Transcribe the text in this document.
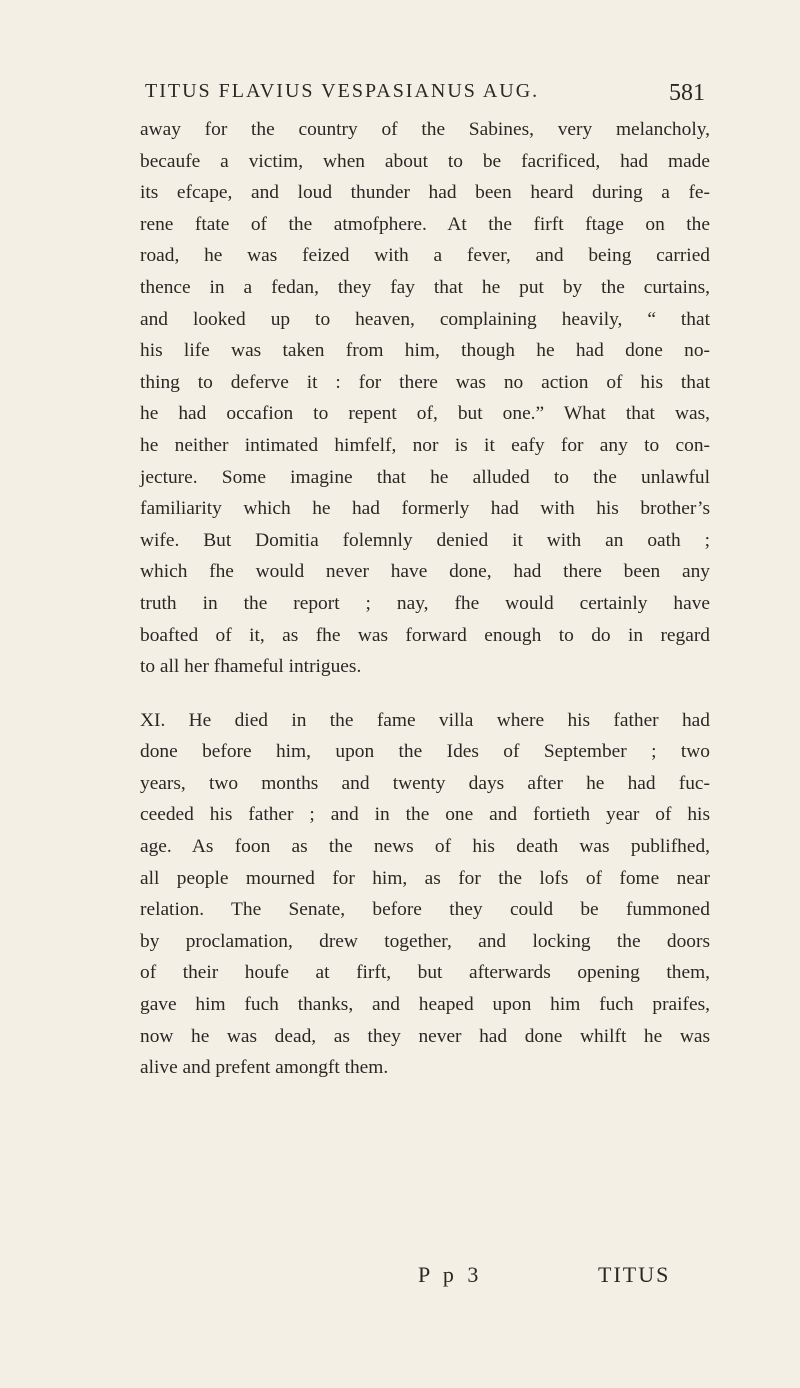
TITUS FLAVIUS VESPASIANUS AUG.	581
away for the country of the Sabines, very melancholy,
becaufe a victim, when about to be facrificed, had made
its efcape, and loud thunder had been heard during a fe-
rene ftate of the atmofphere. At the firft ftage on the
road, he was feized with a fever, and being carried
thence in a fedan, they fay that he put by the curtains,
and looked up to heaven, complaining heavily, “ that
his life was taken from him, though he had done no-
thing to deferve it : for there was no action of his that
he had occafion to repent of, but one.” What that was,
he neither intimated himfelf, nor is it eafy for any to con-
jecture. Some imagine that he alluded to the unlawful
familiarity which he had formerly had with his brother’s
wife. But Domitia folemnly denied it with an oath ;
which fhe would never have done, had there been any
truth in the report ; nay, fhe would certainly have
boafted of it, as fhe was forward enough to do in regard
to all her fhameful intrigues.
XI. He died in the fame villa where his father had
done before him, upon the Ides of September ; two
years, two months and twenty days after he had fuc-
ceeded his father ; and in the one and fortieth year of his
age. As foon as the news of his death was publifhed,
all people mourned for him, as for the lofs of fome near
relation. The Senate, before they could be fummoned
by proclamation, drew together, and locking the doors
of their houfe at firft, but afterwards opening them,
gave him fuch thanks, and heaped upon him fuch praifes,
now he was dead, as they never had done whilft he was
alive and prefent amongft them.
P p 3	TITUS
